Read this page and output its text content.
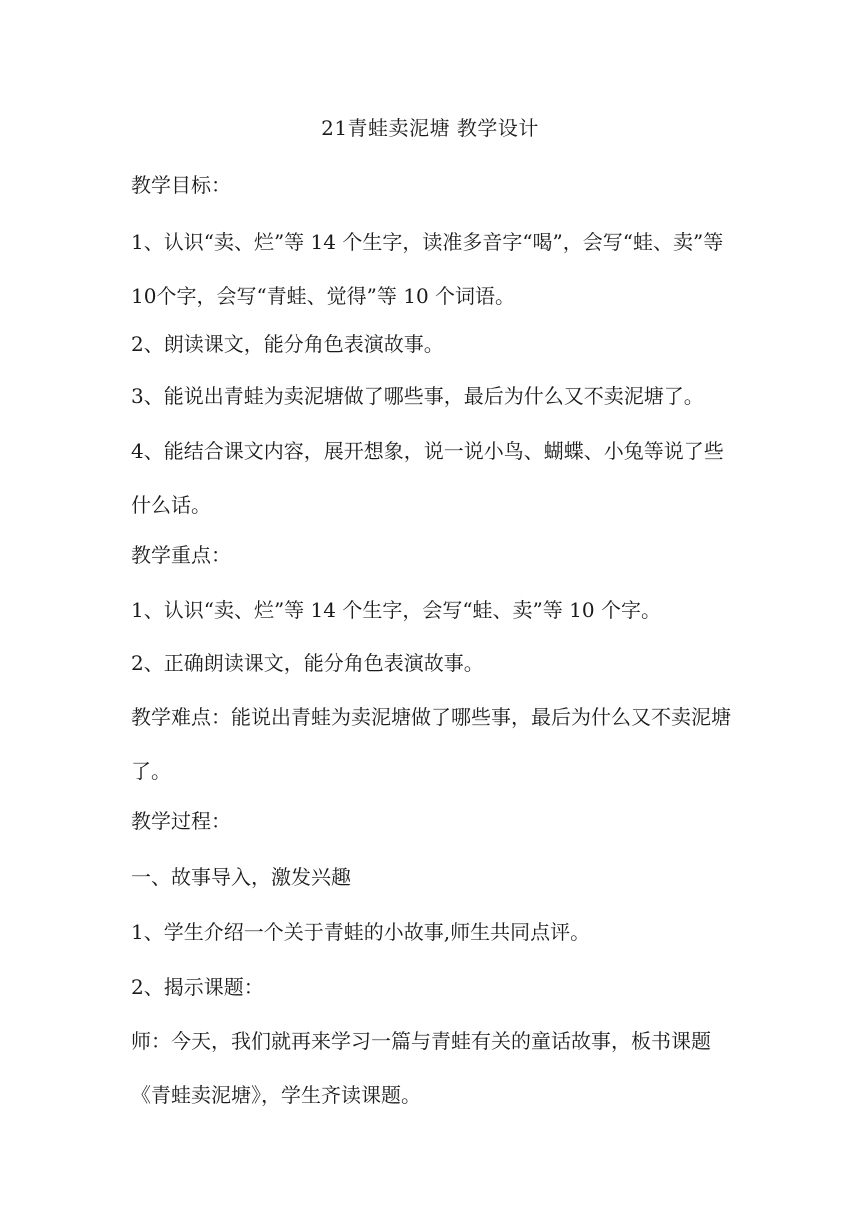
21青蛙卖泥塘 教学设计

教学目标：

1、认识“卖、烂”等 14 个生字，读准多音字“喝”，会写“蛙、卖”等 10个字，会写“青蛙、觉得”等 10 个词语。

2、朗读课文，能分角色表演故事。

3、能说出青蛙为卖泥塘做了哪些事，最后为什么又不卖泥塘了。

4、能结合课文内容，展开想象，说一说小鸟、蝴蝶、小兔等说了些什么话。

教学重点：

1、认识“卖、烂”等 14 个生字，会写“蛙、卖”等 10 个字。

2、正确朗读课文，能分角色表演故事。

教学难点：能说出青蛙为卖泥塘做了哪些事，最后为什么又不卖泥塘了。

教学过程：

一、故事导入，激发兴趣

1、学生介绍一个关于青蛙的小故事,师生共同点评。

2、揭示课题：

师：今天，我们就再来学习一篇与青蛙有关的童话故事，板书课题《青蛙卖泥塘》，学生齐读课题。
